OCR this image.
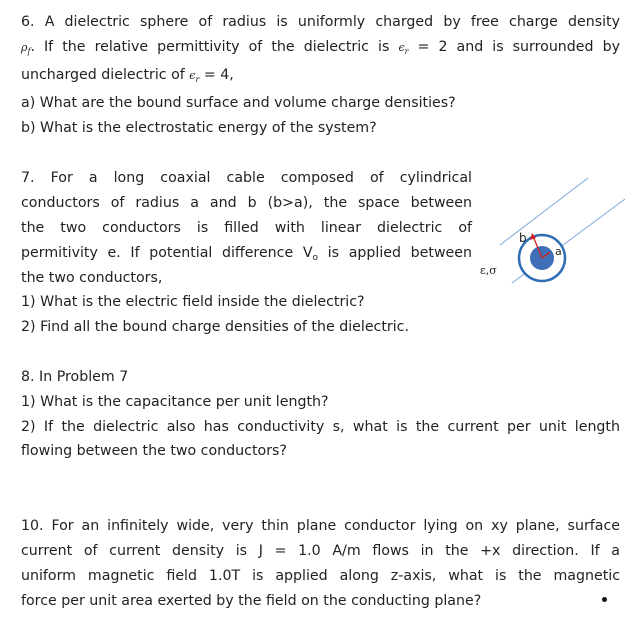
6. A dielectric sphere of radius is uniformly charged by free charge density
$\rho_f$. If the relative permittivity of the dielectric is $\epsilon_r = 2$ and is surrounded by
uncharged dielectric of $\epsilon_r = 4$,
a) What are the bound surface and volume charge densities?
b) What is the electrostatic energy of the system?
7. For a long coaxial cable composed of cylindrical
conductors of radius a and b (b>a), the space between
the two conductors is filled with linear dielectric of
permitivity e. If potential difference $V_o$ is applied between
the two conductors,
1) What is the electric field inside the dielectric?
2) Find all the bound charge densities of the dielectric.
b
a
ε,σ
8. In Problem 7
1) What is the capacitance per unit length?
2) If the dielectric also has conductivity s, what is the current per unit length
flowing between the two conductors?
10. For an infinitely wide, very thin plane conductor lying on xy plane, surface
current of current density is J = 1.0 A/m flows in the +x direction. If a
uniform magnetic field 1.0T is applied along z-axis, what is the magnetic
force per unit area exerted by the field on the conducting plane?
